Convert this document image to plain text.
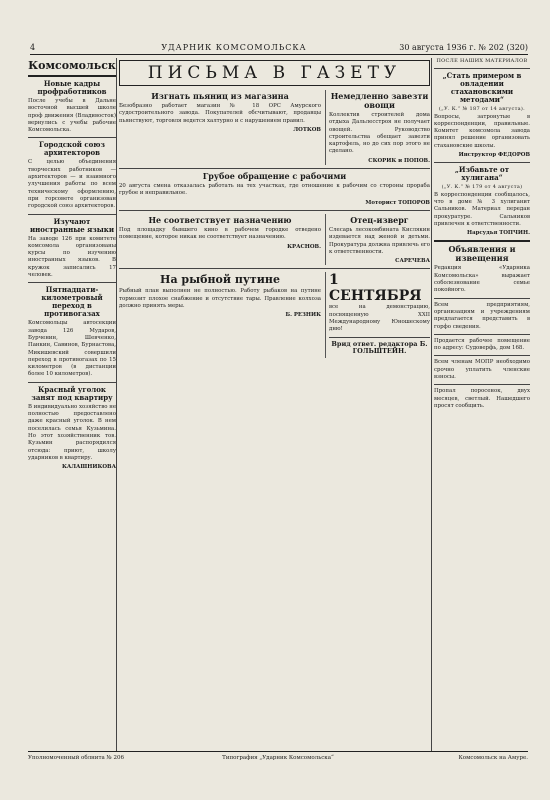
4	УДАРНИК КОМСОМОЛЬСКА	30 августа 1936 г. № 202 (320)
Комсомольск
Новые кадры профработников
После учебы в Дальне восточной высшей школе проф движения (Владивосток) вернулись с учебы рабочие Комсомольска.
Городской союз архитекторов
С целью объединения творческих работников — архитекторов — и взаимного улучшения работы по всем техническому оформлению, при горсовете организован городской союз архитекторов.
Изучают иностранные языки
На заводе 126 при комитете комсомола организованы курсы по изучению иностранных языков. В кружок записались 17 человек.
Пятнадцати-километровый переход в противогазах
Комсомольцы автосекции завода 126 Мударов, Бурченин, Шевченко, Панкин, Савинов, Бурнастова, Микишевский совершили переход в противогазах по 15 километров (в дистанции более 10 километров).
Красный уголок занят под квартиру
В индивидуально хозяйство не полностью предоставлено даже красный уголок. В нем поселилась семья Кузьмина. Но этот хозяйственник тов. Кузьмин распорядился отсюда: приют, школу ударников в квартиру.
КАЛАШНИКОВА
ПИСЬМА В ГАЗЕТУ
Изгнать пьяниц из магазина
Безобразно работает магазин № 18 ОРС Амурского судостроительного завода. Покупателей обсчитывают, продавцы пьянствуют, торговля ведется халтурно и с нарушением правил.
ЛОТКОВ
Немедленно завезти овощи
Коллектив строителей дома отдыха Дальлесстроя не получает овощей. Руководство строительства обещает завезти картофель, но до сих пор этого не сделано.
СКОРИК и ПОПОВ.
Грубое обращение с рабочими
20 августа смена отказалась работать на тех участках, где отношение к рабочим со стороны прораба грубое и неправильное.
Моторист ТОПОРОВ
Не соответствует назначению
Под площадку бывшего кино в рабочем городке отведено помещение, которое никак не соответствует назначению.
КРАСНОВ.
Отец-изверг
Слесарь лесокомбината Кислякин издевается над женой и детьми. Прокуратура должна привлечь его к ответственности.
САРЕЧЕВА
На рыбной путине
Рыбный план выполнен не полностью. Работу рыбаков на путине тормозит плохое снабжение и отсутствие тары. Правление колхоза должно принять меры.
Б. РЕЗНИК
1 СЕНТЯБРЯ
все на демонстрацию, посвященную XXII Международному Юношескому дню!
Врид ответ. редактора Б. ГОЛЬШТЕЙН.
ПОСЛЕ НАШИХ МАТЕРИАЛОВ
„Стать примером в овладении стахановскими методами“
(„У. К.“ № 187 от 14 августа).
Вопросы, затронутые в корреспонденции, правильные. Комитет комсомола завода принял решение организовать стахановские школы.
Инструктор ФЕДОРОВ
„Избавьте от хулигана“
(„У. К.“ № 179 от 4 августа)
В корреспонденции сообщалось, что в доме № 3 хулиганит Сальников. Материал передан прокуратуре. Сальников привлечен к ответственности.
Нарсудья ТОПЧИН.
Объявления и извещения
Редакция «Ударника Комсомольска» выражает соболезнование семье покойного.
Всем предприятиям, организациям и учреждениям предлагается представить в горфо сведения.
Продается рабочее помещение по адресу: Судоверфь, дом 168.
Всем членам МОПР необходимо срочно уплатить членские взносы.
Пропал поросенок, двух месяцев, светлый. Нашедшего просят сообщить.
Уполномоченный облнита № 206	Типография „Ударник Комсомольска“	Комсомольск на Амуре.
